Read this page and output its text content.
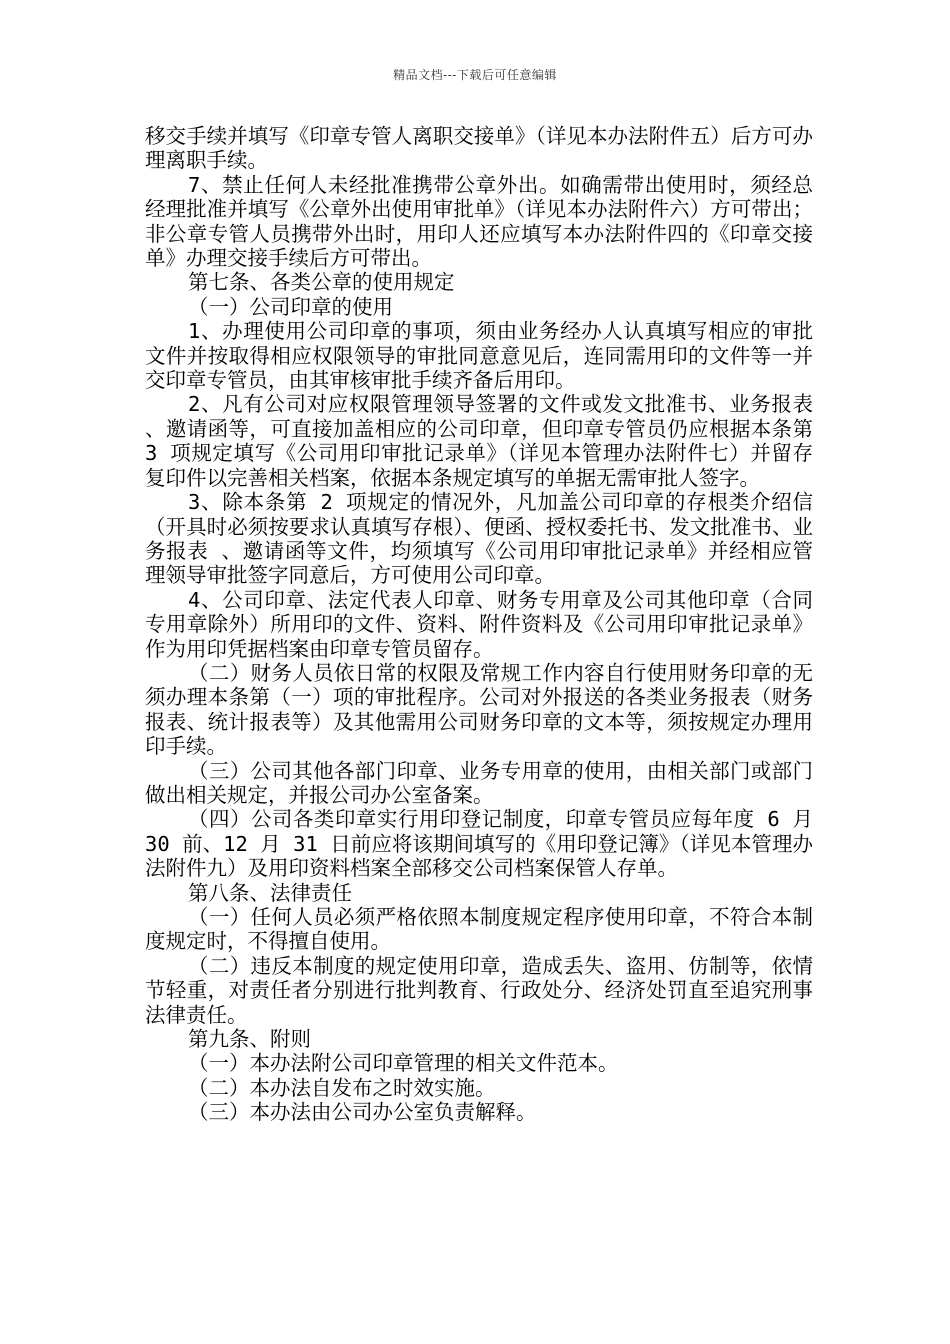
精品文档---下载后可任意编辑

移交手续并填写《印章专管人离职交接单》（详见本办法附件五）后方可办理离职手续。

7、禁止任何人未经批准携带公章外出。如确需带出使用时，须经总经理批准并填写《公章外出使用审批单》（详见本办法附件六）方可带出；非公章专管人员携带外出时，用印人还应填写本办法附件四的《印章交接单》办理交接手续后方可带出。

第七条、各类公章的使用规定

（一）公司印章的使用

1、办理使用公司印章的事项，须由业务经办人认真填写相应的审批文件并按取得相应权限领导的审批同意意见后，连同需用印的文件等一并交印章专管员，由其审核审批手续齐备后用印。

2、凡有公司对应权限管理领导签署的文件或发文批准书、业务报表 、邀请函等，可直接加盖相应的公司印章，但印章专管员仍应根据本条第 3 项规定填写《公司用印审批记录单》（详见本管理办法附件七）并留存复印件以完善相关档案，依据本条规定填写的单据无需审批人签字。

3、除本条第 2 项规定的情况外，凡加盖公司印章的存根类介绍信（开具时必须按要求认真填写存根）、便函、授权委托书、发文批准书、业务报表 、邀请函等文件，均须填写《公司用印审批记录单》并经相应管理领导审批签字同意后，方可使用公司印章。

4、公司印章、法定代表人印章、财务专用章及公司其他印章（合同专用章除外）所用印的文件、资料、附件资料及《公司用印审批记录单》作为用印凭据档案由印章专管员留存。

（二）财务人员依日常的权限及常规工作内容自行使用财务印章的无须办理本条第（一）项的审批程序。公司对外报送的各类业务报表（财务报表、统计报表等）及其他需用公司财务印章的文本等，须按规定办理用印手续。

（三）公司其他各部门印章、业务专用章的使用，由相关部门或部门做出相关规定，并报公司办公室备案。

（四）公司各类印章实行用印登记制度，印章专管员应每年度 6 月 30 前、12 月 31 日前应将该期间填写的《用印登记簿》（详见本管理办法附件九）及用印资料档案全部移交公司档案保管人存单。

第八条、法律责任

（一）任何人员必须严格依照本制度规定程序使用印章，不符合本制度规定时，不得擅自使用。

（二）违反本制度的规定使用印章，造成丢失、盗用、仿制等，依情节轻重，对责任者分别进行批判教育、行政处分、经济处罚直至追究刑事法律责任。

第九条、附则

（一）本办法附公司印章管理的相关文件范本。

（二）本办法自发布之时效实施。

（三）本办法由公司办公室负责解释。
